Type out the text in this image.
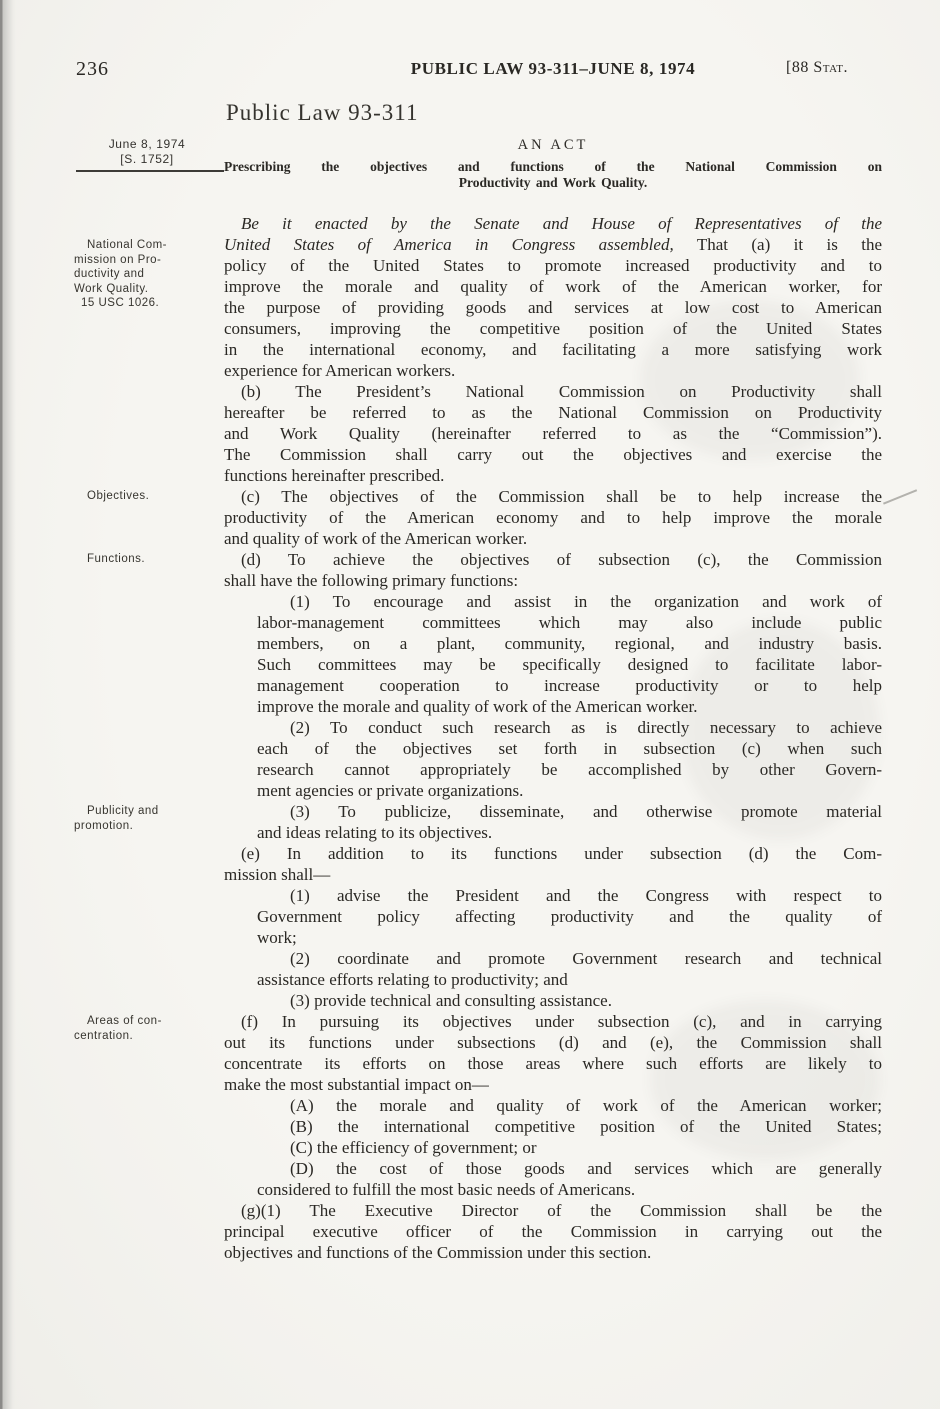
236	PUBLIC LAW 93-311–JUNE 8, 1974	[88 Stat.
Public Law 93-311
June 8, 1974
[S. 1752]
AN ACT
Prescribing the objectives and functions of the National Commission on
Productivity and Work Quality.
National Com-
mission on Pro-
ductivity and
Work Quality.
15 USC 1026.
Objectives.
Functions.
Publicity and
promotion.
Areas of con-
centration.
Be it enacted by the Senate and House of Representatives of the
United States of America in Congress assembled, That (a) it is the
policy of the United States to promote increased productivity and to
improve the morale and quality of work of the American worker, for
the purpose of providing goods and services at low cost to American
consumers, improving the competitive position of the United States
in the international economy, and facilitating a more satisfying work
experience for American workers.
(b) The President’s National Commission on Productivity shall
hereafter be referred to as the National Commission on Productivity
and Work Quality (hereinafter referred to as the “Commission”).
The Commission shall carry out the objectives and exercise the
functions hereinafter prescribed.
(c) The objectives of the Commission shall be to help increase the
productivity of the American economy and to help improve the morale
and quality of work of the American worker.
(d) To achieve the objectives of subsection (c), the Commission
shall have the following primary functions:
(1) To encourage and assist in the organization and work of
labor-management committees which may also include public
members, on a plant, community, regional, and industry basis.
Such committees may be specifically designed to facilitate labor-
management cooperation to increase productivity or to help
improve the morale and quality of work of the American worker.
(2) To conduct such research as is directly necessary to achieve
each of the objectives set forth in subsection (c) when such
research cannot appropriately be accomplished by other Govern-
ment agencies or private organizations.
(3) To publicize, disseminate, and otherwise promote material
and ideas relating to its objectives.
(e) In addition to its functions under subsection (d) the Com-
mission shall—
(1) advise the President and the Congress with respect to
Government policy affecting productivity and the quality of
work;
(2) coordinate and promote Government research and technical
assistance efforts relating to productivity; and
(3) provide technical and consulting assistance.
(f) In pursuing its objectives under subsection (c), and in carrying
out its functions under subsections (d) and (e), the Commission shall
concentrate its efforts on those areas where such efforts are likely to
make the most substantial impact on—
(A) the morale and quality of work of the American worker;
(B) the international competitive position of the United States;
(C) the efficiency of government; or
(D) the cost of those goods and services which are generally
considered to fulfill the most basic needs of Americans.
(g)(1) The Executive Director of the Commission shall be the
principal executive officer of the Commission in carrying out the
objectives and functions of the Commission under this section.
